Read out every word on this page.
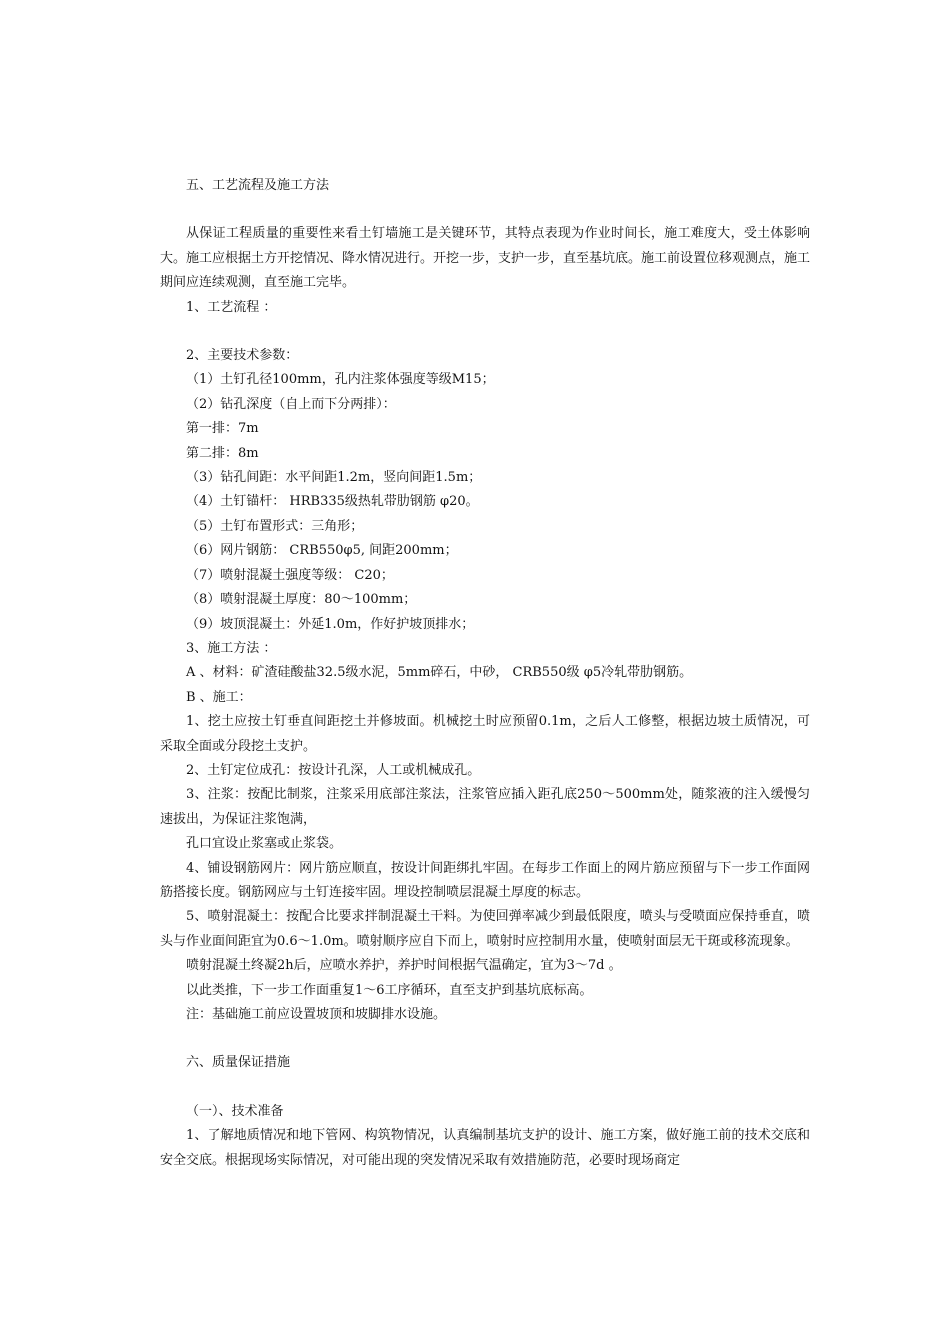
五、工艺流程及施工方法

从保证工程质量的重要性来看土钉墙施工是关键环节，其特点表现为作业时间长，施工难度大，受土体影响大。施工应根据土方开挖情况、降水情况进行。开挖一步，支护一步，直至基坑底。施工前设置位移观测点，施工期间应连续观测，直至施工完毕。

1、工艺流程 ：

2、主要技术参数：

（1）土钉孔径100mm，孔内注浆体强度等级M15；

（2）钻孔深度（自上而下分两排）：

第一排：7m

第二排：8m

（3）钻孔间距：水平间距1.2m，竖向间距1.5m；

（4）土钉锚杆： HRB335级热轧带肋钢筋 φ20。

（5）土钉布置形式：三角形；

（6）网片钢筋： CRB550φ5, 间距200mm；

（7）喷射混凝土强度等级： C20；

（8）喷射混凝土厚度：80～100mm；

（9）坡顶混凝土：外延1.0m，作好护坡顶排水；

3、施工方法 ：

A 、材料：矿渣硅酸盐32.5级水泥，5mm碎石，中砂， CRB550级 φ5冷轧带肋钢筋。

B 、施工：

1、挖土应按土钉垂直间距挖土并修坡面。机械挖土时应预留0.1m，之后人工修整，根据边坡土质情况，可采取全面或分段挖土支护。

2、土钉定位成孔：按设计孔深，人工或机械成孔。

3、注浆：按配比制浆，注浆采用底部注浆法，注浆管应插入距孔底250～500mm处，随浆液的注入缓慢匀速拔出，为保证注浆饱满，

孔口宜设止浆塞或止浆袋。

4、铺设钢筋网片：网片筋应顺直，按设计间距绑扎牢固。在每步工作面上的网片筋应预留与下一步工作面网筋搭接长度。钢筋网应与土钉连接牢固。埋设控制喷层混凝土厚度的标志。

5、喷射混凝土：按配合比要求拌制混凝土干料。为使回弹率减少到最低限度，喷头与受喷面应保持垂直，喷头与作业面间距宜为0.6～1.0m。喷射顺序应自下而上，喷射时应控制用水量，使喷射面层无干斑或移流现象。

喷射混凝土终凝2h后，应喷水养护，养护时间根据气温确定，宜为3～7d 。

以此类推，下一步工作面重复1～6工序循环，直至支护到基坑底标高。

注：基础施工前应设置坡顶和坡脚排水设施。

六、质量保证措施

（一）、技术准备

1、了解地质情况和地下管网、构筑物情况，认真编制基坑支护的设计、施工方案，做好施工前的技术交底和安全交底。根据现场实际情况，对可能出现的突发情况采取有效措施防范，必要时现场商定
